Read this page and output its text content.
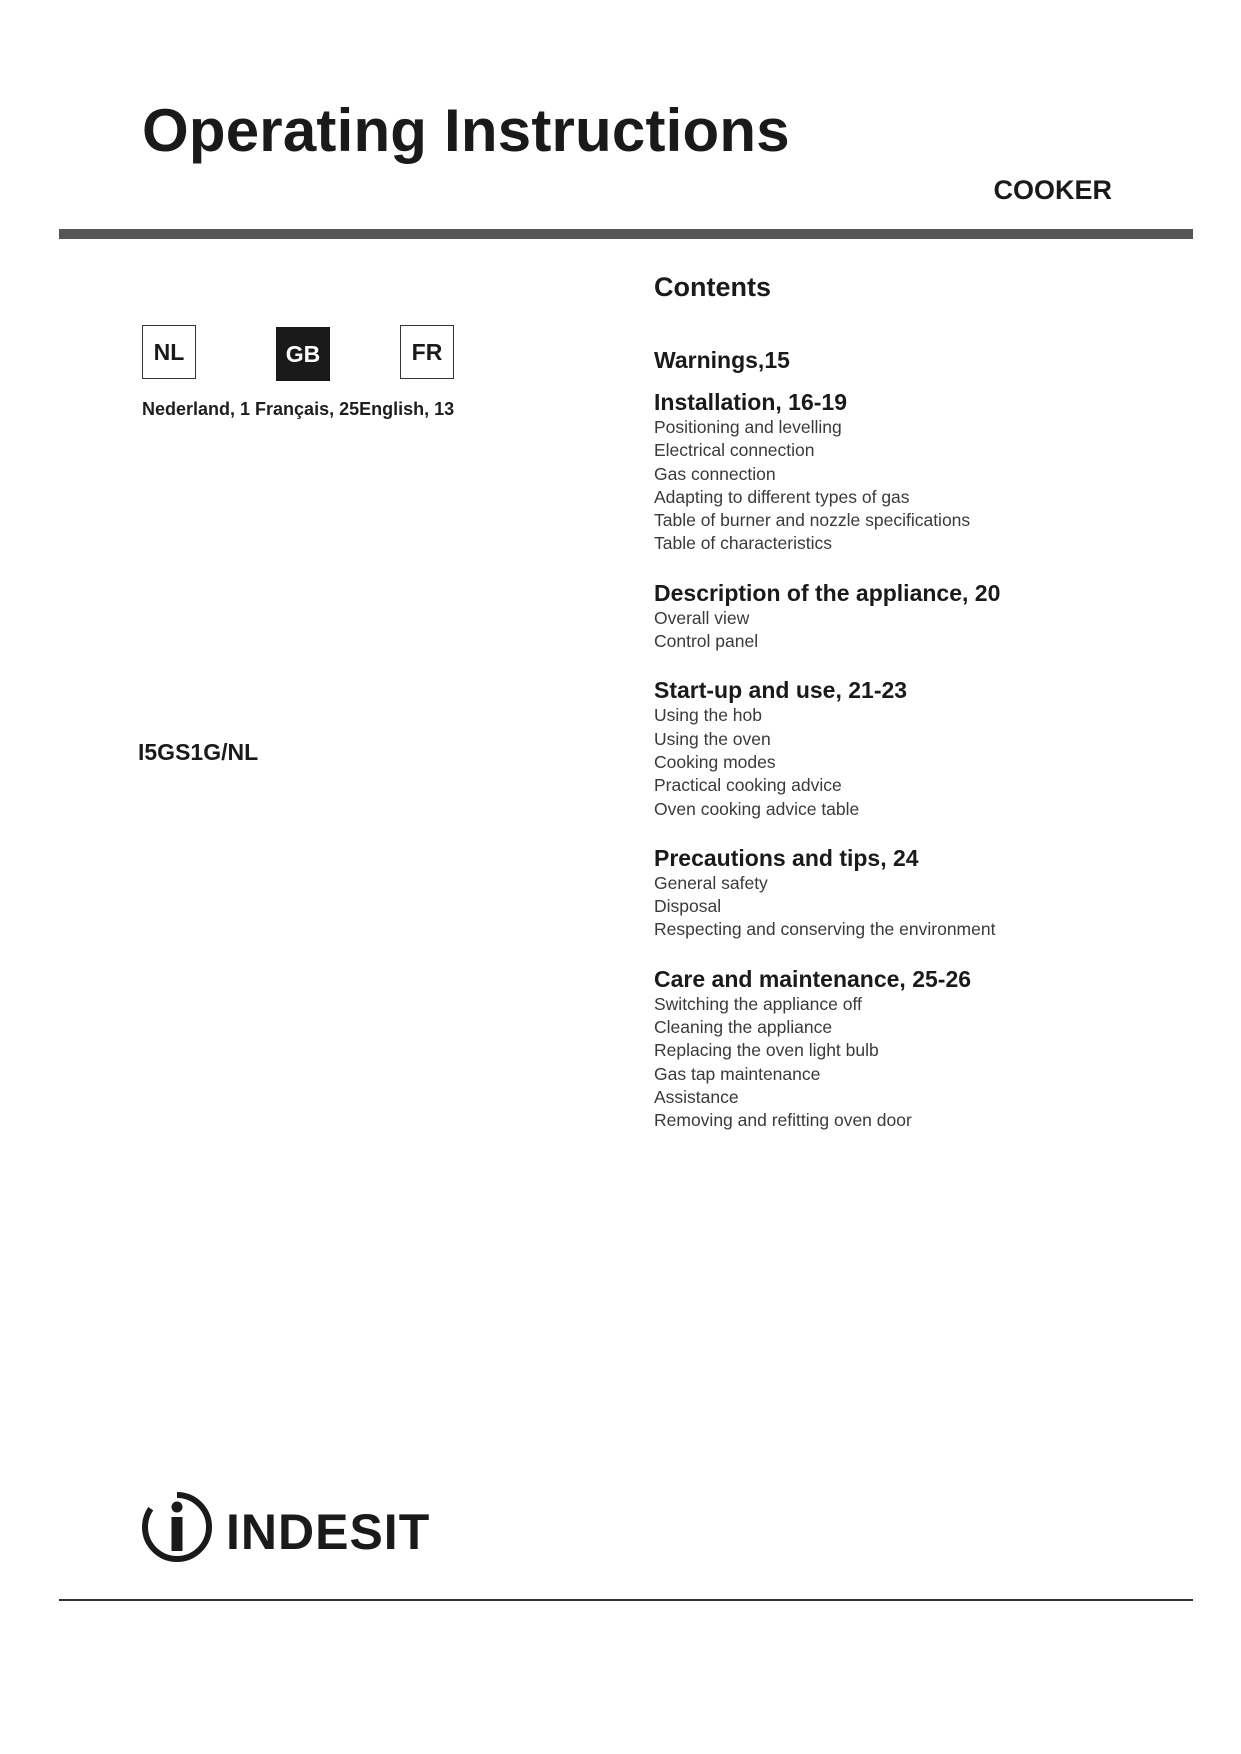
Operating Instructions
COOKER
NL	GB	FR
Nederland, 1 Français, 25English, 13
I5GS1G/NL
Contents
Warnings,15
Installation, 16-19
Positioning and levelling
Electrical connection
Gas connection
Adapting to different types of gas
Table of burner and nozzle specifications
Table of characteristics
Description of the appliance, 20
Overall view
Control panel
Start-up and use, 21-23
Using the hob
Using the oven
Cooking modes
Practical cooking advice
Oven cooking advice table
Precautions and tips, 24
General safety
Disposal
Respecting and conserving the environment
Care and maintenance, 25-26
Switching the appliance off
Cleaning the appliance
Replacing the oven light bulb
Gas tap maintenance
Assistance
Removing and refitting oven door
INDESIT
